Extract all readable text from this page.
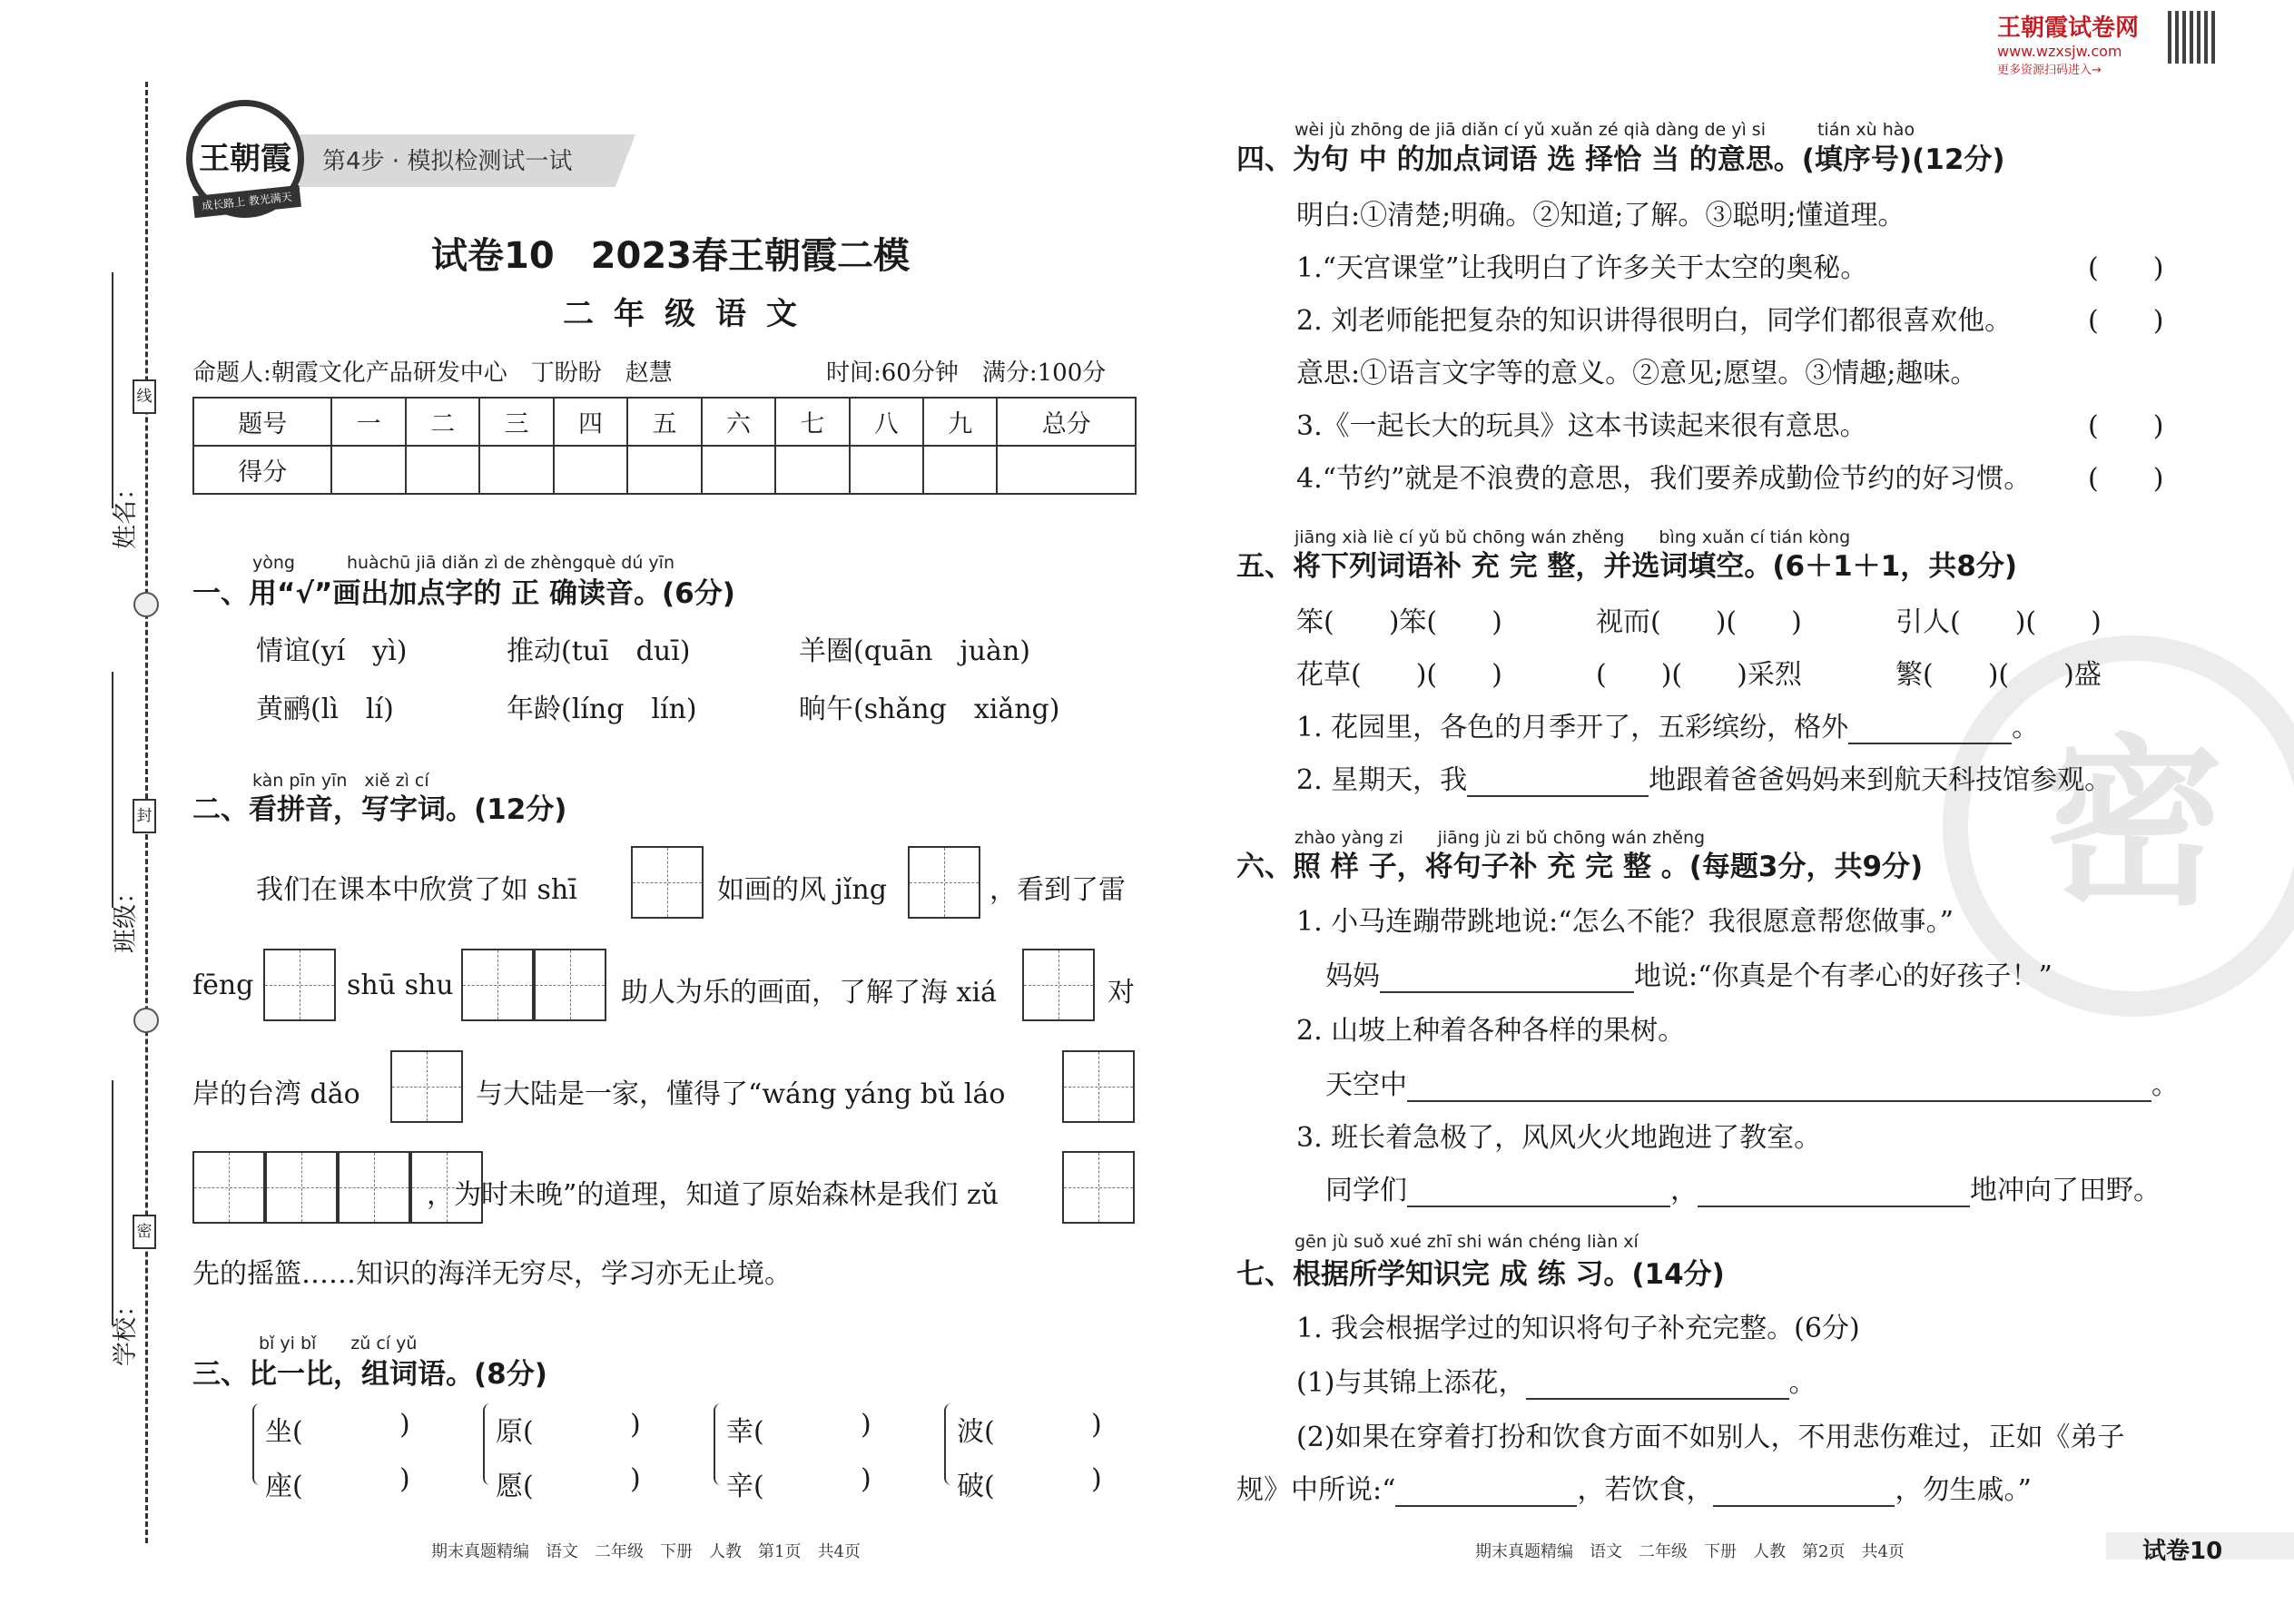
姓名：
班级：
学校：
线
封
密
第4步 · 模拟检测试一试
王朝霞
成长路上 教光满天
试卷10　2023春王朝霞二模
二年级语文
命题人:朝霞文化产品研发中心　丁盼盼　赵慧	时间:60分钟　满分:100分
题号	一	二	三	四	五	六	七	八	九	总分
得分										
yòng　　　huàchū jiā diǎn zì de zhèngquè dú yīn
一、用“√”画出加点字的 正 确读音。(6分)
情谊(yí　yì)	推动(tuī　duī)	羊圈(quān　juàn)
黄鹂(lì　lí)	年龄(líng　lín)	晌午(shǎng　xiǎng)
kàn pīn yīn　xiě zì cí
二、看拼音，写字词。(12分)
我们在课本中欣赏了如 shī	如画的风 jǐng	，看到了雷
fēng	shū shu	助人为乐的画面，了解了海 xiá	对
岸的台湾 dǎo	与大陆是一家，懂得了“wáng yáng bǔ láo
，为时未晚”的道理，知道了原始森林是我们 zǔ
先的摇篮……知识的海洋无穷尽，学习亦无止境。
bǐ yi bǐ　　zǔ cí yǔ
三、比一比，组词语。(8分)
坐(	)
座(	)
原(	)
愿(	)
幸(	)
辛(	)
波(	)
破(	)
期末真题精编　语文　二年级　下册　人教　第1页　共4页
密
王朝霞试卷网
www.wzxsjw.com
更多资源扫码进入→
wèi jù zhōng de jiā diǎn cí yǔ xuǎn zé qià dàng de yì si　　　tián xù hào
四、为句 中 的加点词语 选 择恰 当 的意思。(填序号)(12分)
明白:①清楚;明确。②知道;了解。③聪明;懂道理。
1.“天宫课堂”让我明白了许多关于太空的奥秘。	(　　)
2. 刘老师能把复杂的知识讲得很明白，同学们都很喜欢他。	(　　)
意思:①语言文字等的意义。②意见;愿望。③情趣;趣味。
3.《一起长大的玩具》这本书读起来很有意思。	(　　)
4.“节约”就是不浪费的意思，我们要养成勤俭节约的好习惯。 (　　)
jiāng xià liè cí yǔ bǔ chōng wán zhěng　　bìng xuǎn cí tián kòng
五、将下列词语补 充 完 整，并选词填空。(6＋1＋1，共8分)
笨(　　)笨(　　)	视而(　　)(　　)	引人(　　)(　　)
花草(　　)(　　)	(　　)(　　)采烈	繁(　　)(　　)盛
1. 花园里，各色的月季开了，五彩缤纷，格外	。
2. 星期天，我	地跟着爸爸妈妈来到航天科技馆参观。
zhào yàng zi　　jiāng jù zi bǔ chōng wán zhěng
六、照 样 子，将句子补 充 完 整 。(每题3分，共9分)
1. 小马连蹦带跳地说:“怎么不能？我很愿意帮您做事。”
妈妈	地说:“你真是个有孝心的好孩子！”
2. 山坡上种着各种各样的果树。
天空中	。
3. 班长着急极了，风风火火地跑进了教室。
同学们	，	地冲向了田野。
gēn jù suǒ xué zhī shi wán chéng liàn xí
七、根据所学知识完 成 练 习。(14分)
1. 我会根据学过的知识将句子补充完整。(6分)
(1)与其锦上添花，	。
(2)如果在穿着打扮和饮食方面不如别人，不用悲伤难过，正如《弟子
规》中所说:“	，若饮食，	，勿生戚。”
期末真题精编　语文　二年级　下册　人教　第2页　共4页	试卷10
